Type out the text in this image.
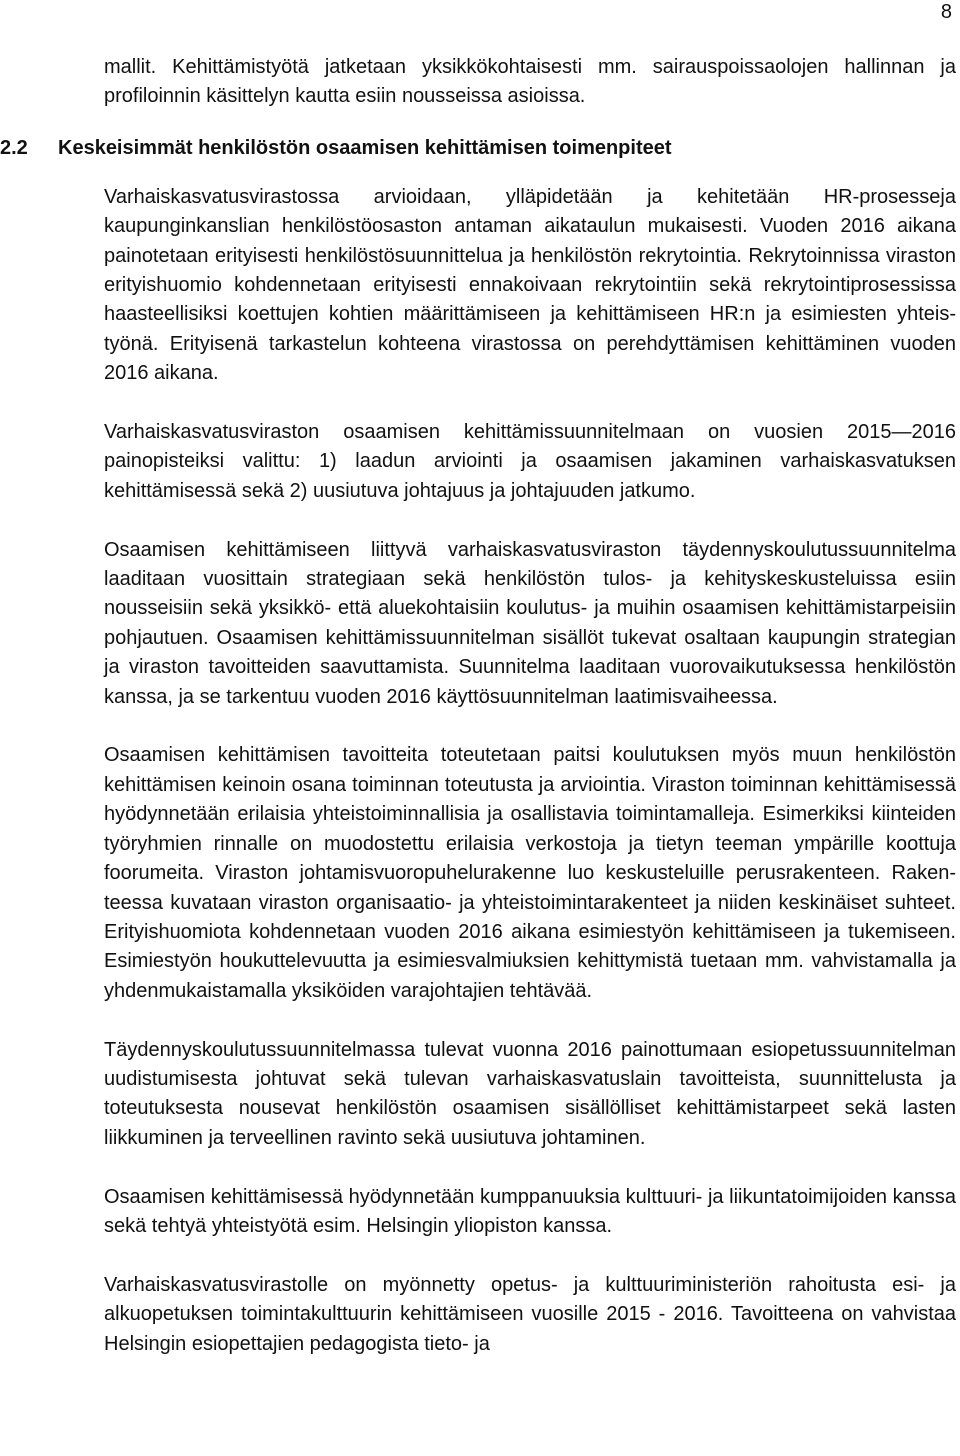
8

mallit. Kehittämistyötä jatketaan yksikkökohtaisesti mm. sairauspoissaolojen hallinnan ja profiloinnin käsittelyn kautta esiin nousseissa asioissa.

2.2 Keskeisimmät henkilöstön osaamisen kehittämisen toimenpiteet

Varhaiskasvatusvirastossa arvioidaan, ylläpidetään ja kehitetään HR-prosesseja kaupunginkanslian henkilöstöosaston antaman aikataulun mukaisesti. Vuoden 2016 aikana painotetaan erityisesti henkilöstösuunnittelua ja henkilöstön rekrytointia. Rekrytoinnissa viraston erityishuomio kohdennetaan erityisesti ennakoivaan rekrytointiin sekä rekrytointiprosessissa haasteellisiksi koettujen kohtien määrittämiseen ja kehittämiseen HR:n ja esimiesten yhteistyönä. Erityisenä tarkastelun kohteena virastossa on perehdyttämisen kehittäminen vuoden 2016 aikana.

Varhaiskasvatusviraston osaamisen kehittämissuunnitelmaan on vuosien 2015—2016 painopisteiksi valittu: 1) laadun arviointi ja osaamisen jakaminen varhaiskasvatuksen kehittämisessä sekä 2) uusiutuva johtajuus ja johtajuuden jatkumo.

Osaamisen kehittämiseen liittyvä varhaiskasvatusviraston täydennyskoulutussuunnitelma laaditaan vuosittain strategiaan sekä henkilöstön tulos- ja kehityskeskusteluissa esiin nousseisiin sekä yksikkö- että aluekohtaisiin koulutus- ja muihin osaamisen kehittämistarpeisiin pohjautuen. Osaamisen kehittämissuunnitelman sisällöt tukevat osaltaan kaupungin strategian ja viraston tavoitteiden saavuttamista. Suunnitelma laaditaan vuorovaikutuksessa henkilöstön kanssa, ja se tarkentuu vuoden 2016 käyttösuunnitelman laatimisvaiheessa.

Osaamisen kehittämisen tavoitteita toteutetaan paitsi koulutuksen myös muun henkilöstön kehittämisen keinoin osana toiminnan toteutusta ja arviointia. Viraston toiminnan kehittämisessä hyödynnetään erilaisia yhteistoiminnallisia ja osallistavia toimintamalleja. Esimerkiksi kiinteiden työryhmien rinnalle on muodostettu erilaisia verkostoja ja tietyn teeman ympärille koottuja foorumeita. Viraston johtamisvuoropuhelurakenne luo keskusteluille perusrakenteen. Rakenteessa kuvataan viraston organisaatio- ja yhteistoimintarakenteet ja niiden keskinäiset suhteet. Erityishuomiota kohdennetaan vuoden 2016 aikana esimiestyön kehittämiseen ja tukemiseen. Esimiestyön houkuttelevuutta ja esimiesvalmiuksien kehittymistä tuetaan mm. vahvistamalla ja yhdenmukaistamalla yksiköiden varajohtajien tehtävää.

Täydennyskoulutussuunnitelmassa tulevat vuonna 2016 painottumaan esiopetussuunnitelman uudistumisesta johtuvat sekä tulevan varhaiskasvatuslain tavoitteista, suunnittelusta ja toteutuksesta nousevat henkilöstön osaamisen sisällölliset kehittämistarpeet sekä lasten liikkuminen ja terveellinen ravinto sekä uusiutuva johtaminen.

Osaamisen kehittämisessä hyödynnetään kumppanuuksia kulttuuri- ja liikuntatoimijoiden kanssa sekä tehtyä yhteistyötä esim. Helsingin yliopiston kanssa.

Varhaiskasvatusvirastolle on myönnetty opetus- ja kulttuuriministeriön rahoitusta esi- ja alkuopetuksen toimintakulttuurin kehittämiseen vuosille 2015 - 2016. Tavoitteena on vahvistaa Helsingin esiopettajien pedagogista tieto- ja
